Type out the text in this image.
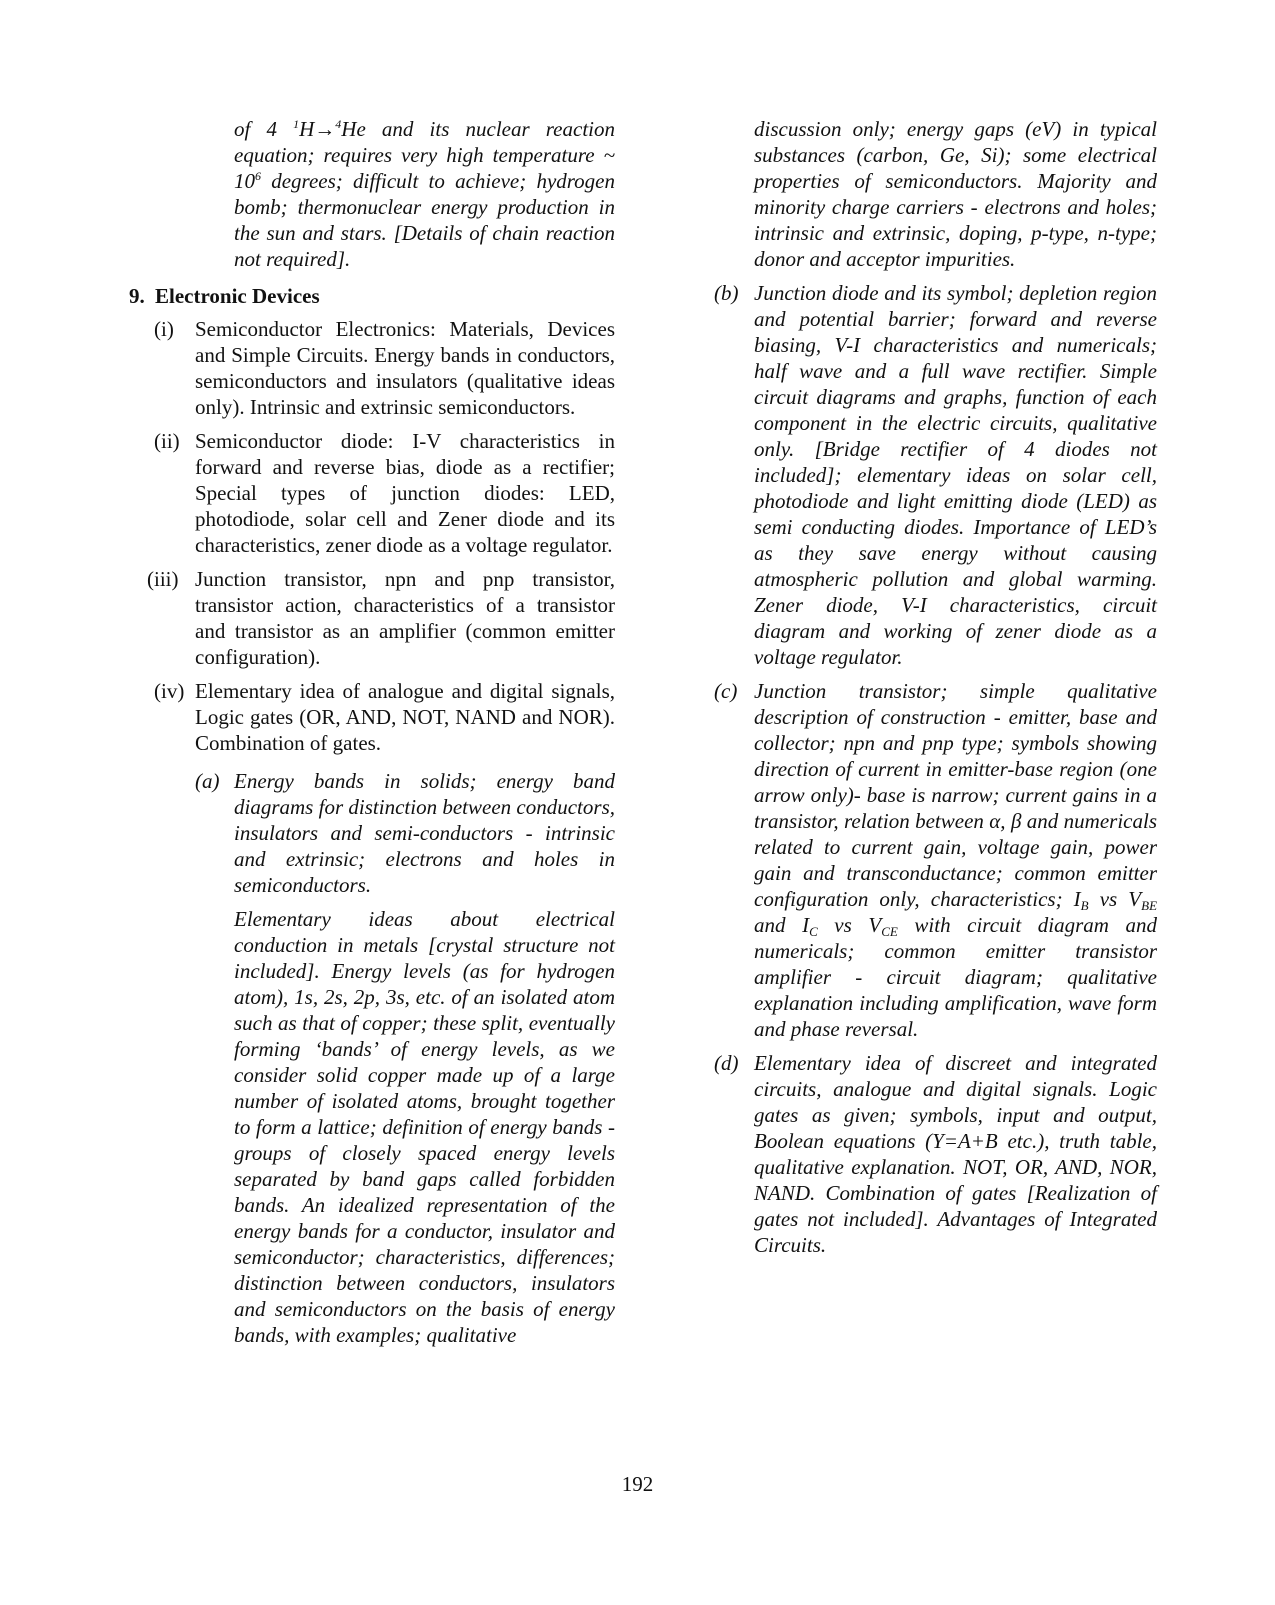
of 4 $^1$H→$^4$He and its nuclear reaction equation; requires very high temperature ~ $10^6$ degrees; difficult to achieve; hydrogen bomb; thermonuclear energy production in the sun and stars. [Details of chain reaction not required].

9. Electronic Devices
(i) Semiconductor Electronics: Materials, Devices and Simple Circuits. Energy bands in conductors, semiconductors and insulators (qualitative ideas only). Intrinsic and extrinsic semiconductors.

(ii) Semiconductor diode: I-V characteristics in forward and reverse bias, diode as a rectifier; Special types of junction diodes: LED, photodiode, solar cell and Zener diode and its characteristics, zener diode as a voltage regulator.

(iii) Junction transistor, npn and pnp transistor, transistor action, characteristics of a transistor and transistor as an amplifier (common emitter configuration).

(iv) Elementary idea of analogue and digital signals, Logic gates (OR, AND, NOT, NAND and NOR). Combination of gates.

(a) Energy bands in solids; energy band diagrams for distinction between conductors, insulators and semi-conductors - intrinsic and extrinsic; electrons and holes in semiconductors.

Elementary ideas about electrical conduction in metals [crystal structure not included]. Energy levels (as for hydrogen atom), 1s, 2s, 2p, 3s, etc. of an isolated atom such as that of copper; these split, eventually forming ‘bands’ of energy levels, as we consider solid copper made up of a large number of isolated atoms, brought together to form a lattice; definition of energy bands - groups of closely spaced energy levels separated by band gaps called forbidden bands. An idealized representation of the energy bands for a conductor, insulator and semiconductor; characteristics, differences; distinction between conductors, insulators and semiconductors on the basis of energy bands, with examples; qualitative

discussion only; energy gaps (eV) in typical substances (carbon, Ge, Si); some electrical properties of semiconductors. Majority and minority charge carriers - electrons and holes; intrinsic and extrinsic, doping, p-type, n-type; donor and acceptor impurities.

(b) Junction diode and its symbol; depletion region and potential barrier; forward and reverse biasing, V-I characteristics and numericals; half wave and a full wave rectifier. Simple circuit diagrams and graphs, function of each component in the electric circuits, qualitative only. [Bridge rectifier of 4 diodes not included]; elementary ideas on solar cell, photodiode and light emitting diode (LED) as semi conducting diodes. Importance of LED’s as they save energy without causing atmospheric pollution and global warming. Zener diode, V-I characteristics, circuit diagram and working of zener diode as a voltage regulator.

(c) Junction transistor; simple qualitative description of construction - emitter, base and collector; npn and pnp type; symbols showing direction of current in emitter-base region (one arrow only)- base is narrow; current gains in a transistor, relation between α, β and numericals related to current gain, voltage gain, power gain and transconductance; common emitter configuration only, characteristics; $I_B$ vs $V_{BE}$ and $I_C$ vs $V_{CE}$ with circuit diagram and numericals; common emitter transistor amplifier - circuit diagram; qualitative explanation including amplification, wave form and phase reversal.

(d) Elementary idea of discreet and integrated circuits, analogue and digital signals. Logic gates as given; symbols, input and output, Boolean equations (Y=A+B etc.), truth table, qualitative explanation. NOT, OR, AND, NOR, NAND. Combination of gates [Realization of gates not included]. Advantages of Integrated Circuits.

192
